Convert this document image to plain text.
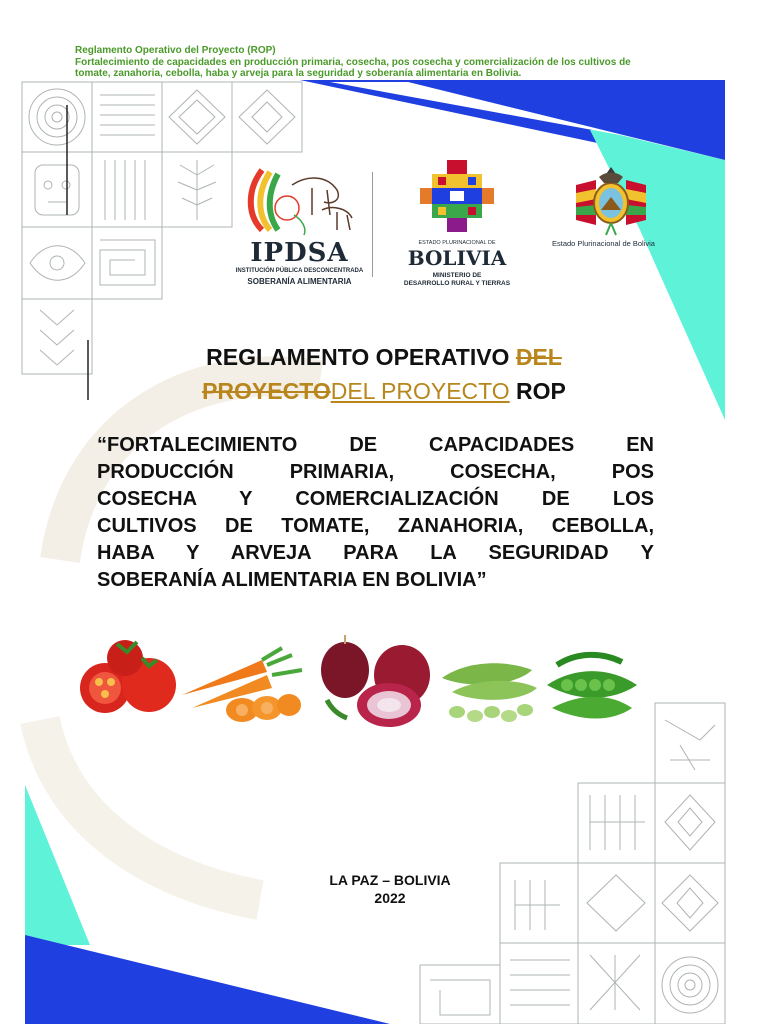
Reglamento Operativo del Proyecto (ROP)
Fortalecimiento de capacidades en producción primaria, cosecha, pos cosecha y comercialización de los cultivos de
tomate, zanahoria, cebolla, haba y arveja para la seguridad y soberanía alimentaria en Bolivia.
IPDSA
INSTITUCIÓN PÚBLICA DESCONCENTRADA
SOBERANÍA ALIMENTARIA
ESTADO PLURINACIONAL DE
BOLIVIA
MINISTERIO DE
DESARROLLO RURAL Y TIERRAS
Estado Plurinacional de Bolivia
REGLAMENTO OPERATIVO DEL
PROYECTODEL PROYECTO ROP
“FORTALECIMIENTO DE CAPACIDADES EN
PRODUCCIÓN PRIMARIA, COSECHA, POS
COSECHA Y COMERCIALIZACIÓN DE LOS
CULTIVOS DE TOMATE, ZANAHORIA, CEBOLLA,
HABA Y ARVEJA PARA LA SEGURIDAD Y
SOBERANÍA ALIMENTARIA EN BOLIVIA”
LA PAZ – BOLIVIA
2022
